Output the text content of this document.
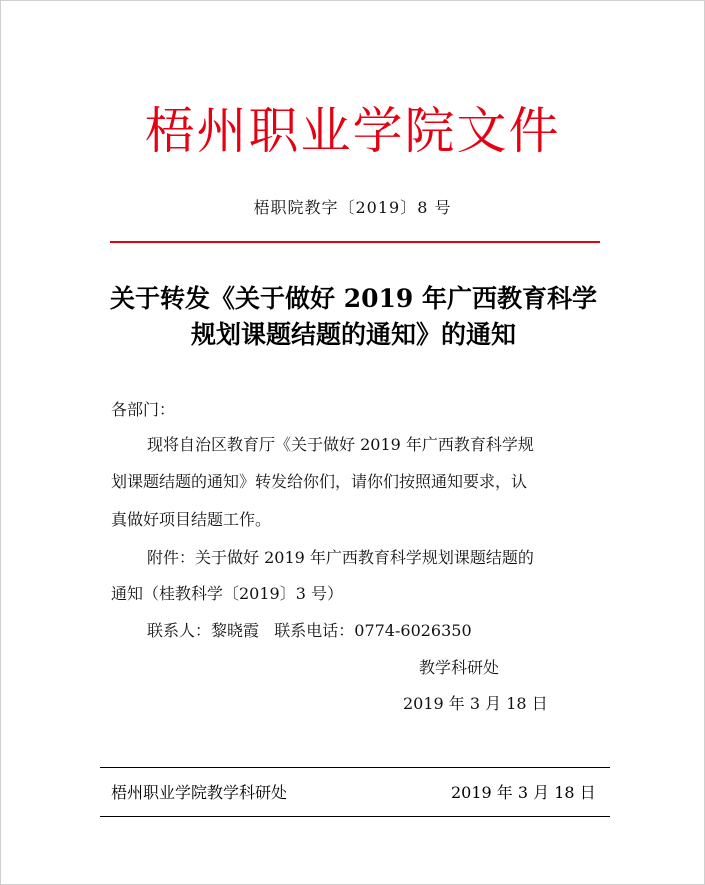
梧州职业学院文件
梧职院教字〔2019〕8 号
关于转发《关于做好 2019 年广西教育科学
规划课题结题的通知》的通知
各部门：
现将自治区教育厅《关于做好 2019 年广西教育科学规
划课题结题的通知》转发给你们，请你们按照通知要求，认
真做好项目结题工作。
附件：关于做好 2019 年广西教育科学规划课题结题的
通知（桂教科学〔2019〕3 号）
联系人：黎晓霞   联系电话：0774-6026350
教学科研处
2019 年 3 月 18 日
梧州职业学院教学科研处	2019 年 3 月 18 日
